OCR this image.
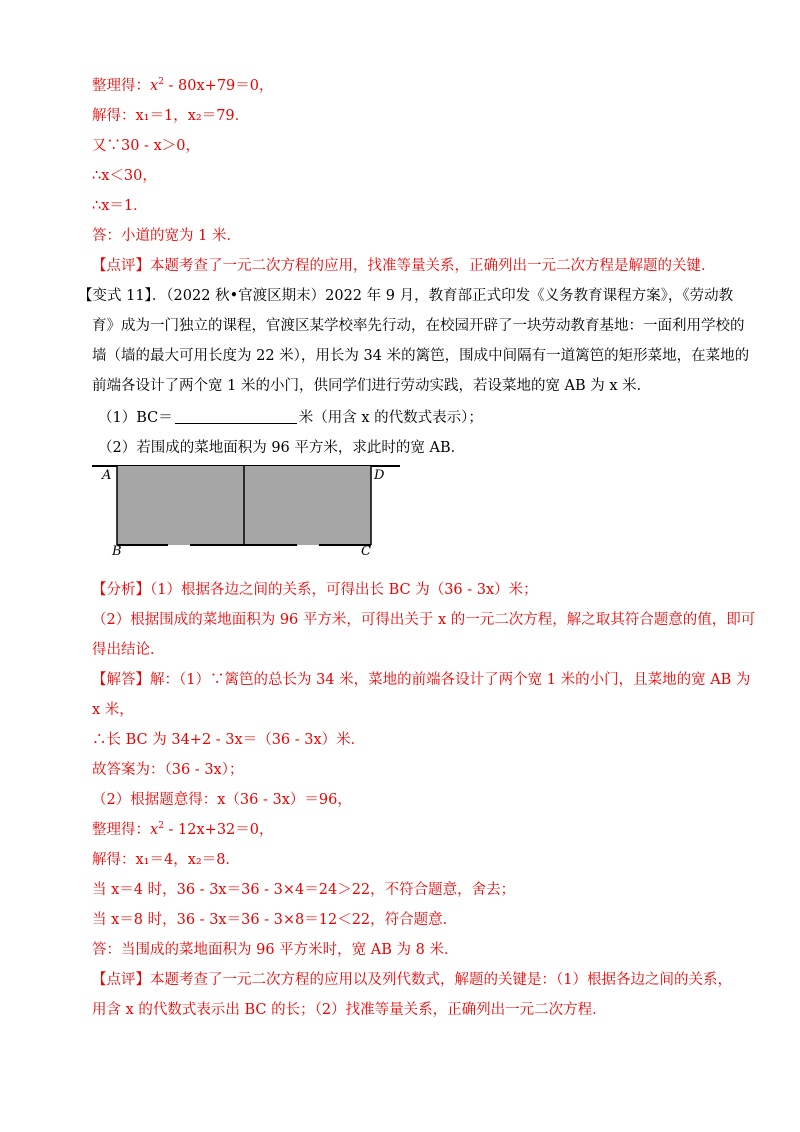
整理得：$x^2 - 80x+79=0$，
解得：x₁＝1，x₂＝79．
又∵30 - x＞0，
∴x＜30，
∴x＝1．
答：小道的宽为 1 米．
【点评】本题考查了一元二次方程的应用，找准等量关系，正确列出一元二次方程是解题的关键．
【变式 11】．（2022 秋•官渡区期末）2022 年 9 月，教育部正式印发《义务教育课程方案》，《劳动教
育》成为一门独立的课程，官渡区某学校率先行动，在校园开辟了一块劳动教育基地：一面利用学校的
墙（墙的最大可用长度为 22 米），用长为 34 米的篱笆，围成中间隔有一道篱笆的矩形菜地，在菜地的
前端各设计了两个宽 1 米的小门，供同学们进行劳动实践，若设菜地的宽 AB 为 x 米．
（1）BC＝	米（用含 x 的代数式表示）；
（2）若围成的菜地面积为 96 平方米，求此时的宽 AB．
A	D
B	C
【分析】（1）根据各边之间的关系，可得出长 BC 为（36 - 3x）米；
（2）根据围成的菜地面积为 96 平方米，可得出关于 x 的一元二次方程，解之取其符合题意的值，即可
得出结论．
【解答】解：（1）∵篱笆的总长为 34 米，菜地的前端各设计了两个宽 1 米的小门，且菜地的宽 AB 为
x 米，
∴长 BC 为 34+2 - 3x＝（36 - 3x）米．
故答案为：（36 - 3x）；
（2）根据题意得：x（36 - 3x）＝96，
整理得：$x^2 - 12x+32=0$，
解得：x₁＝4，x₂＝8．
当 x＝4 时，36 - 3x＝36 - 3×4＝24＞22，不符合题意，舍去；
当 x＝8 时，36 - 3x＝36 - 3×8＝12＜22，符合题意．
答：当围成的菜地面积为 96 平方米时，宽 AB 为 8 米．
【点评】本题考查了一元二次方程的应用以及列代数式，解题的关键是：（1）根据各边之间的关系，
用含 x 的代数式表示出 BC 的长；（2）找准等量关系，正确列出一元二次方程．
